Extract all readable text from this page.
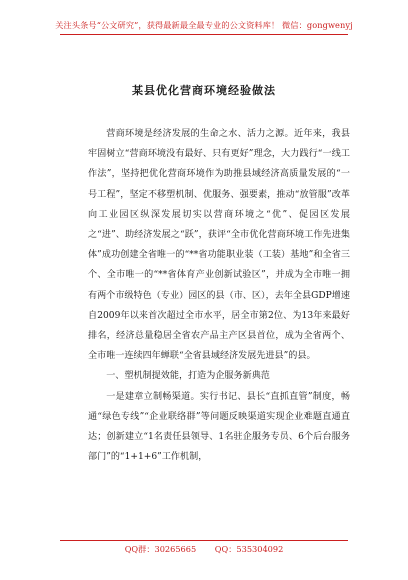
关注头条号“公文研究”，获得最新最全最专业的公文资料库！ 微信：gongwenyj
某县优化营商环境经验做法

营商环境是经济发展的生命之水、活力之源。近年来，我县牢固树立“营商环境没有最好、只有更好”理念，大力践行“一线工作法”，坚持把优化营商环境作为助推县域经济高质量发展的“一号工程”，坚定不移塑机制、优服务、强要素，推动“放管服”改革向工业园区纵深发展切实以营商环境之“优”、促园区发展之“进”、助经济发展之“跃”，获评“全市优化营商环境工作先进集体”成功创建全省唯一的“**省功能职业装（工装）基地”和全省三个、全市唯一的“**省体育产业创新试验区”，并成为全市唯一拥有两个市级特色（专业）园区的县（市、区），去年全县GDP增速自2009年以来首次超过全市水平，居全市第2位、为13年来最好排名，经济总量稳居全省农产品主产区县首位，成为全省两个、全市唯一连续四年蝉联“全省县域经济发展先进县”的县。

一、塑机制提效能，打造为企服务新典范

一是建章立制畅渠道。实行书记、县长“直抓直管”制度，畅通“绿色专线”“企业联络群”等问题反映渠道实现企业难题直通直达；创新建立“1名责任县领导、1名驻企服务专员、6个后台服务部门”的“1+1+6”工作机制，

QQ群：30265665 QQ：535304092
